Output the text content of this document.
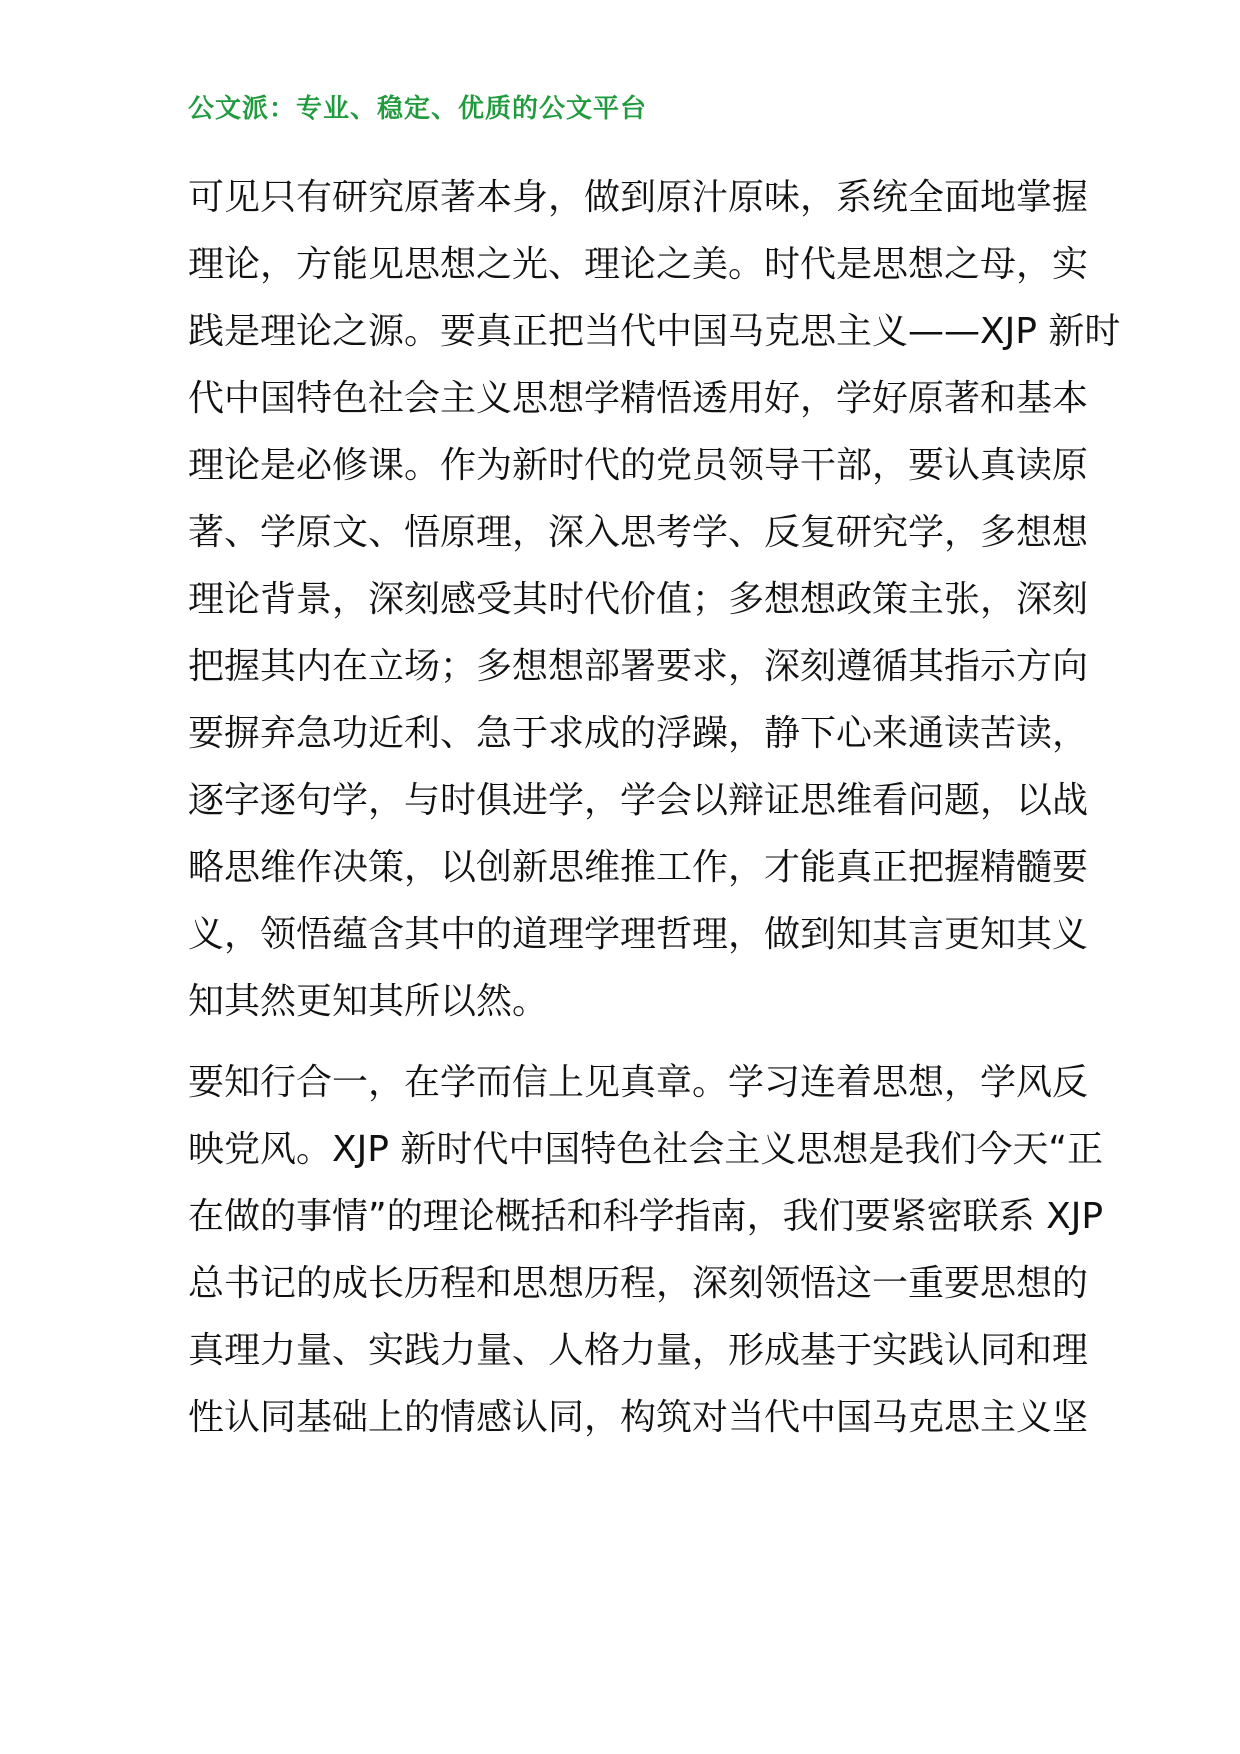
公文派：专业、稳定、优质的公文平台
可见只有研究原著本身，做到原汁原味，系统全面地掌握
理论，方能见思想之光、理论之美。时代是思想之母，实
践是理论之源。要真正把当代中国马克思主义——XJP 新时
代中国特色社会主义思想学精悟透用好，学好原著和基本
理论是必修课。作为新时代的党员领导干部，要认真读原
著、学原文、悟原理，深入思考学、反复研究学，多想想
理论背景，深刻感受其时代价值；多想想政策主张，深刻
把握其内在立场；多想想部署要求，深刻遵循其指示方向
要摒弃急功近利、急于求成的浮躁，静下心来通读苦读，
逐字逐句学，与时俱进学，学会以辩证思维看问题，以战
略思维作决策，以创新思维推工作，才能真正把握精髓要
义，领悟蕴含其中的道理学理哲理，做到知其言更知其义
知其然更知其所以然。
要知行合一，在学而信上见真章。学习连着思想，学风反
映党风。XJP 新时代中国特色社会主义思想是我们今天“正
在做的事情”的理论概括和科学指南，我们要紧密联系 XJP
总书记的成长历程和思想历程，深刻领悟这一重要思想的
真理力量、实践力量、人格力量，形成基于实践认同和理
性认同基础上的情感认同，构筑对当代中国马克思主义坚
